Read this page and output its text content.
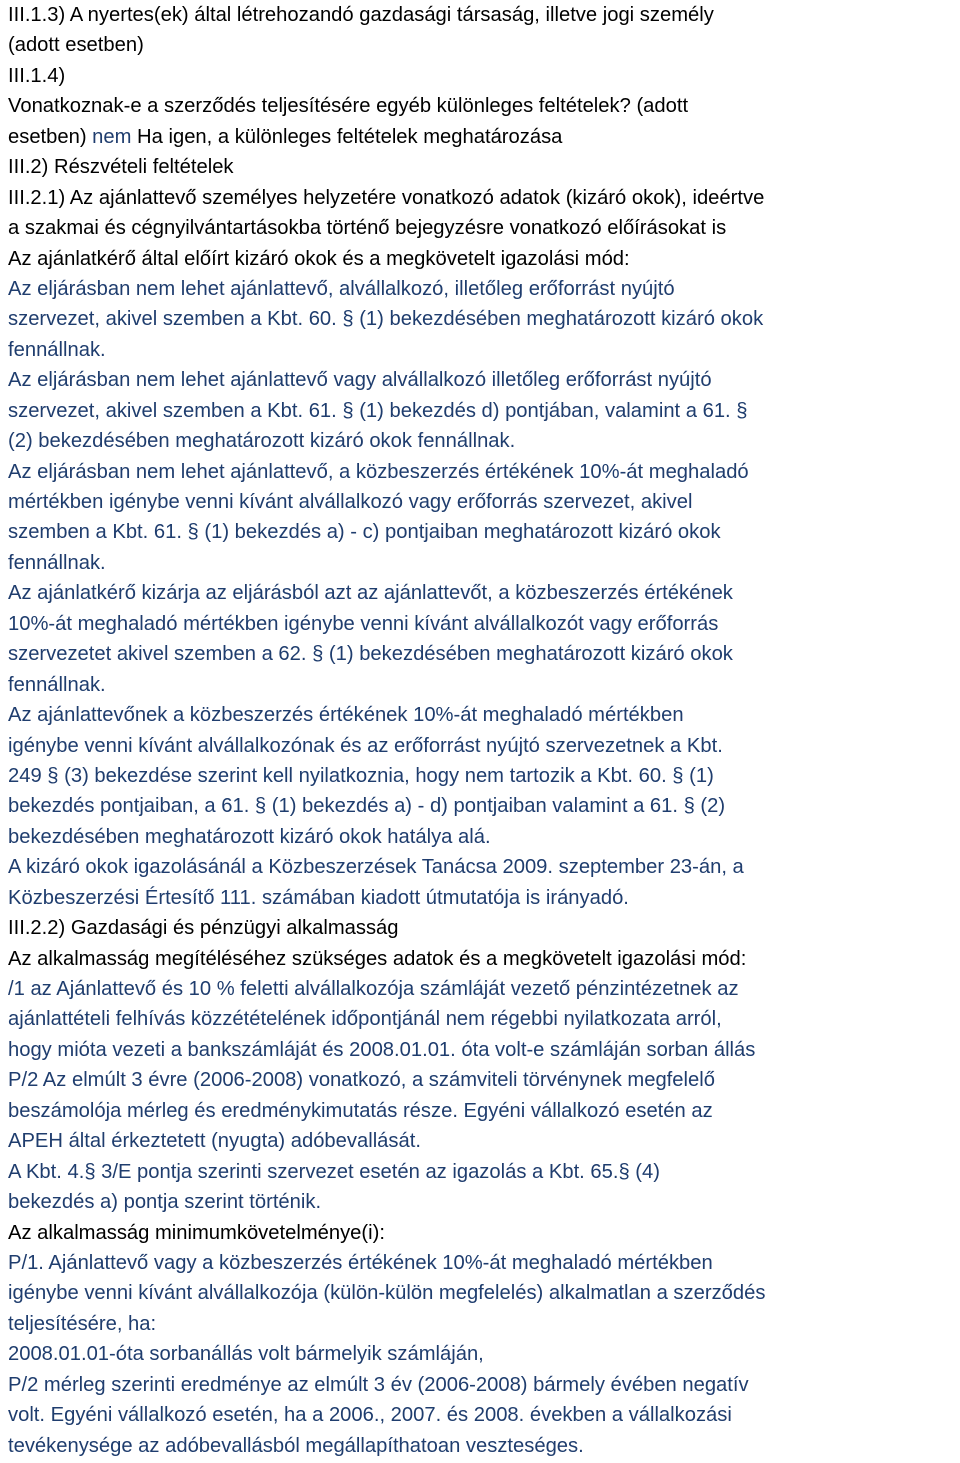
III.1.3) A nyertes(ek) által létrehozandó gazdasági társaság, illetve jogi személy
(adott esetben)
III.1.4)
Vonatkoznak-e a szerződés teljesítésére egyéb különleges feltételek? (adott
esetben) nem Ha igen, a különleges feltételek meghatározása
III.2) Részvételi feltételek
III.2.1) Az ajánlattevő személyes helyzetére vonatkozó adatok (kizáró okok), ideértve
a szakmai és cégnyilvántartásokba történő bejegyzésre vonatkozó előírásokat is
Az ajánlatkérő által előírt kizáró okok és a megkövetelt igazolási mód:
Az eljárásban nem lehet ajánlattevő, alvállalkozó, illetőleg erőforrást nyújtó
szervezet, akivel szemben a Kbt. 60. § (1) bekezdésében meghatározott kizáró okok
fennállnak.
Az eljárásban nem lehet ajánlattevő vagy alvállalkozó illetőleg erőforrást nyújtó
szervezet, akivel szemben a Kbt. 61. § (1) bekezdés d) pontjában, valamint a 61. §
(2) bekezdésében meghatározott kizáró okok fennállnak.
Az eljárásban nem lehet ajánlattevő, a közbeszerzés értékének 10%-át meghaladó
mértékben igénybe venni kívánt alvállalkozó vagy erőforrás szervezet, akivel
szemben a Kbt. 61. § (1) bekezdés a) - c) pontjaiban meghatározott kizáró okok
fennállnak.
Az ajánlatkérő kizárja az eljárásból azt az ajánlattevőt, a közbeszerzés értékének
10%-át meghaladó mértékben igénybe venni kívánt alvállalkozót vagy erőforrás
szervezetet akivel szemben a 62. § (1) bekezdésében meghatározott kizáró okok
fennállnak.
Az ajánlattevőnek a közbeszerzés értékének 10%-át meghaladó mértékben
igénybe venni kívánt alvállalkozónak és az erőforrást nyújtó szervezetnek a Kbt.
249 § (3) bekezdése szerint kell nyilatkoznia, hogy nem tartozik a Kbt. 60. § (1)
bekezdés pontjaiban, a 61. § (1) bekezdés a) - d) pontjaiban valamint a 61. § (2)
bekezdésében meghatározott kizáró okok hatálya alá.
A kizáró okok igazolásánál a Közbeszerzések Tanácsa 2009. szeptember 23-án, a
Közbeszerzési Értesítő 111. számában kiadott útmutatója is irányadó.
III.2.2) Gazdasági és pénzügyi alkalmasság
Az alkalmasság megítéléséhez szükséges adatok és a megkövetelt igazolási mód:
/1 az Ajánlattevő és 10 % feletti alvállalkozója számláját vezető pénzintézetnek az
ajánlattételi felhívás közzétételének időpontjánál nem régebbi nyilatkozata arról,
hogy mióta vezeti a bankszámláját és 2008.01.01. óta volt-e számláján sorban állás
P/2 Az elmúlt 3 évre (2006-2008) vonatkozó, a számviteli törvénynek megfelelő
beszámolója mérleg és eredménykimutatás része. Egyéni vállalkozó esetén az
APEH által érkeztetett (nyugta) adóbevallását.
A Kbt. 4.§ 3/E pontja szerinti szervezet esetén az igazolás a Kbt. 65.§ (4)
bekezdés a) pontja szerint történik.
Az alkalmasság minimumkövetelménye(i):
P/1. Ajánlattevő vagy a közbeszerzés értékének 10%-át meghaladó mértékben
igénybe venni kívánt alvállalkozója (külön-külön megfelelés) alkalmatlan a szerződés
teljesítésére, ha:
2008.01.01-óta sorbanállás volt bármelyik számláján,
P/2 mérleg szerinti eredménye az elmúlt 3 év (2006-2008) bármely évében negatív
volt. Egyéni vállalkozó esetén, ha a 2006., 2007. és 2008. években a vállalkozási
tevékenysége az adóbevallásból megállapíthatoan veszteséges.
